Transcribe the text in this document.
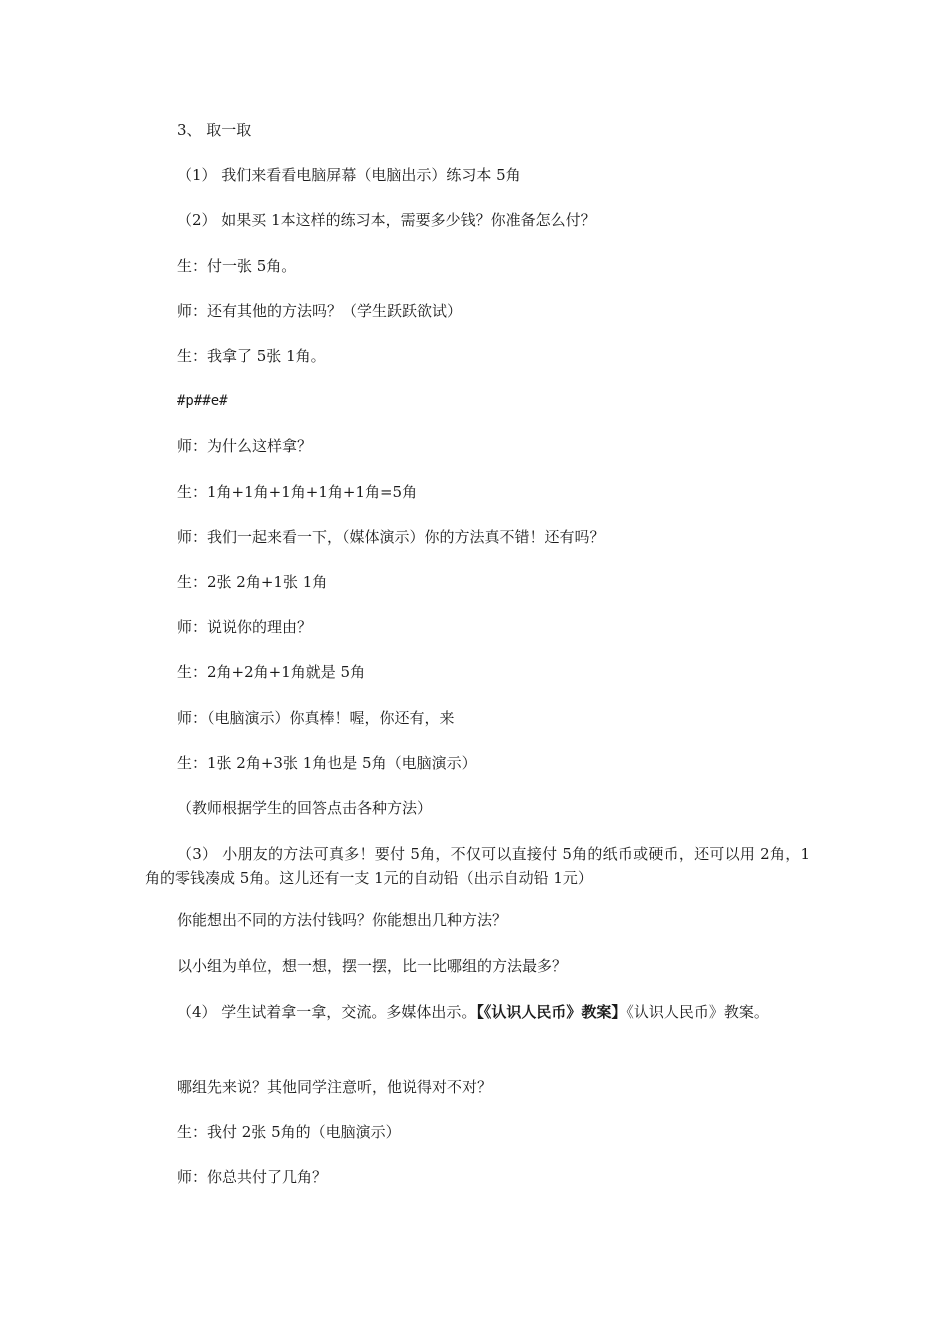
3、 取一取
（1） 我们来看看电脑屏幕（电脑出示）练习本 5角
（2） 如果买 1本这样的练习本，需要多少钱？你准备怎么付？
生：付一张 5角。
师：还有其他的方法吗？（学生跃跃欲试）
生：我拿了 5张 1角。
#p##e#
师：为什么这样拿？
生：1角+1角+1角+1角+1角=5角
师：我们一起来看一下，（媒体演示）你的方法真不错！还有吗？
生：2张 2角+1张 1角
师：说说你的理由？
生：2角+2角+1角就是 5角
师：（电脑演示）你真棒！喔，你还有，来
生：1张 2角+3张 1角也是 5角（电脑演示）
（教师根据学生的回答点击各种方法）
（3） 小朋友的方法可真多！要付 5角，不仅可以直接付 5角的纸币或硬币，还可以用 2角，1角的零钱凑成 5角。这儿还有一支 1元的自动铅（出示自动铅 1元）
你能想出不同的方法付钱吗？你能想出几种方法？
以小组为单位，想一想，摆一摆，比一比哪组的方法最多？
（4） 学生试着拿一拿，交流。多媒体出示。【《认识人民币》教案】《认识人民币》教案。
哪组先来说？其他同学注意听，他说得对不对？
生：我付 2张 5角的（电脑演示）
师：你总共付了几角？
